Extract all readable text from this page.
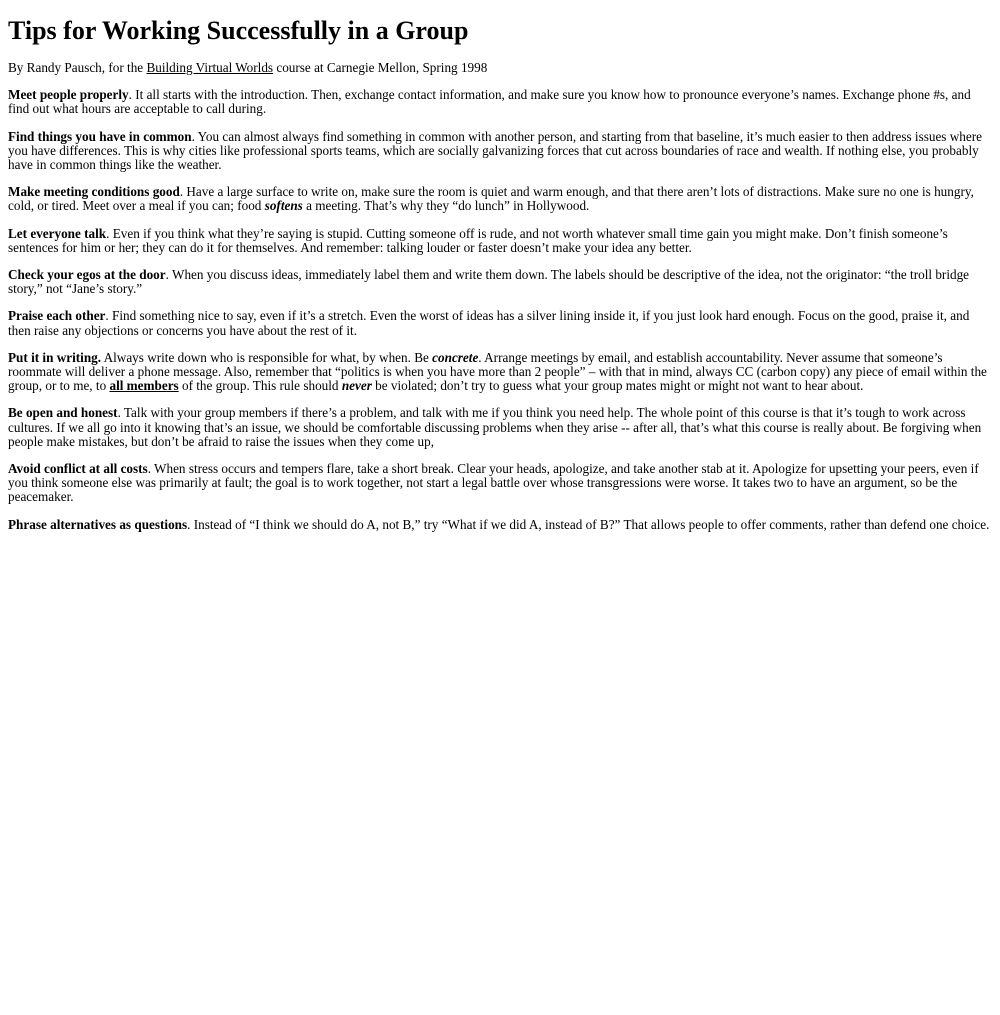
Tips for Working Successfully in a Group

By Randy Pausch, for the Building Virtual Worlds course at Carnegie Mellon, Spring 1998

Meet people properly. It all starts with the introduction. Then, exchange contact information, and make sure you know how to pronounce everyone’s names. Exchange phone #s, and find out what hours are acceptable to call during.

Find things you have in common. You can almost always find something in common with another person, and starting from that baseline, it’s much easier to then address issues where you have differences. This is why cities like professional sports teams, which are socially galvanizing forces that cut across boundaries of race and wealth. If nothing else, you probably have in common things like the weather.

Make meeting conditions good. Have a large surface to write on, make sure the room is quiet and warm enough, and that there aren’t lots of distractions. Make sure no one is hungry, cold, or tired. Meet over a meal if you can; food softens a meeting. That’s why they “do lunch” in Hollywood.

Let everyone talk. Even if you think what they’re saying is stupid. Cutting someone off is rude, and not worth whatever small time gain you might make. Don’t finish someone’s sentences for him or her; they can do it for themselves. And remember: talking louder or faster doesn’t make your idea any better.

Check your egos at the door. When you discuss ideas, immediately label them and write them down. The labels should be descriptive of the idea, not the originator: “the troll bridge story,” not “Jane’s story.”

Praise each other. Find something nice to say, even if it’s a stretch. Even the worst of ideas has a silver lining inside it, if you just look hard enough. Focus on the good, praise it, and then raise any objections or concerns you have about the rest of it.

Put it in writing. Always write down who is responsible for what, by when. Be concrete. Arrange meetings by email, and establish accountability. Never assume that someone’s roommate will deliver a phone message. Also, remember that “politics is when you have more than 2 people” – with that in mind, always CC (carbon copy) any piece of email within the group, or to me, to all members of the group. This rule should never be violated; don’t try to guess what your group mates might or might not want to hear about.

Be open and honest. Talk with your group members if there’s a problem, and talk with me if you think you need help. The whole point of this course is that it’s tough to work across cultures. If we all go into it knowing that’s an issue, we should be comfortable discussing problems when they arise -- after all, that’s what this course is really about. Be forgiving when people make mistakes, but don’t be afraid to raise the issues when they come up,

Avoid conflict at all costs. When stress occurs and tempers flare, take a short break. Clear your heads, apologize, and take another stab at it. Apologize for upsetting your peers, even if you think someone else was primarily at fault; the goal is to work together, not start a legal battle over whose transgressions were worse. It takes two to have an argument, so be the peacemaker.

Phrase alternatives as questions. Instead of “I think we should do A, not B,” try “What if we did A, instead of B?” That allows people to offer comments, rather than defend one choice.
